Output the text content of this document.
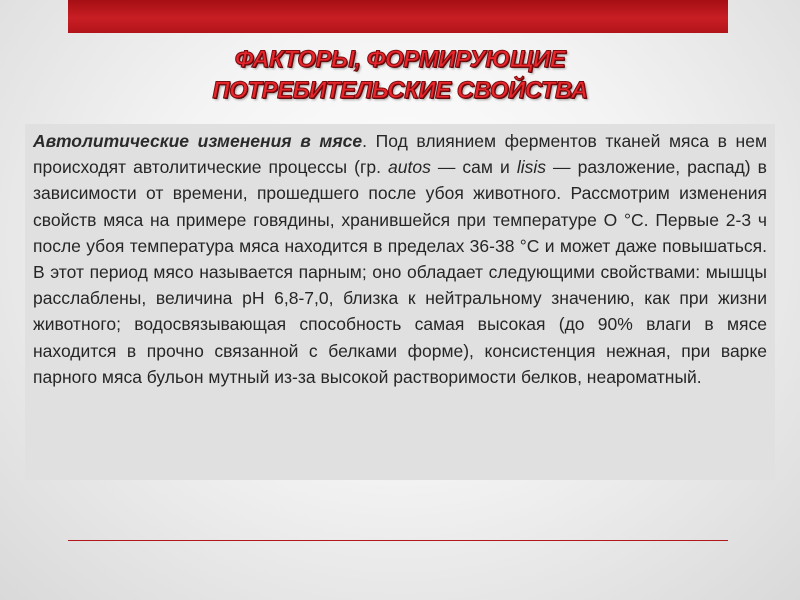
ФАКТОРЫ, ФОРМИРУЮЩИЕ
ПОТРЕБИТЕЛЬСКИЕ СВОЙСТВА

Автолитические изменения в мясе. Под влиянием ферментов тканей мяса в нем происходят автолитические процессы (гр. autos — сам и lisis — разложение, распад) в зависимости от времени, прошедшего после убоя животного. Рассмотрим изменения свойств мяса на примере говядины, хранившейся при температуре О °С. Первые 2-3 ч после убоя температура мяса находится в пределах 36-38 °С и может даже повышаться. В этот период мясо называется парным; оно обладает следующими свойствами: мышцы расслаблены, величина рН 6,8-7,0, близка к нейтральному значению, как при жизни животного; водосвязывающая способность самая высокая (до 90% влаги в мясе находится в прочно связанной с белками форме), консистенция нежная, при варке парного мяса бульон мутный из-за высокой растворимости белков, неароматный.
